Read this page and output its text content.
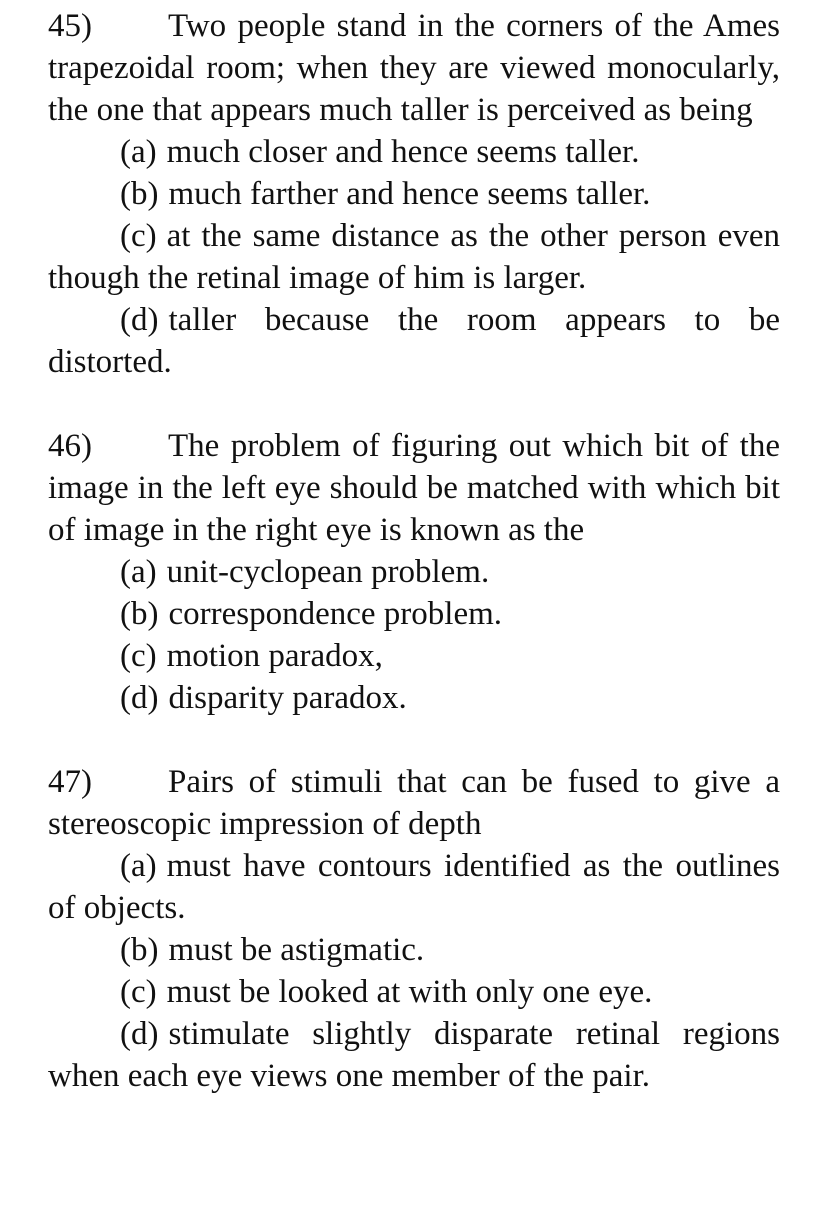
45) Two people stand in the corners of the Ames trapezoidal room; when they are viewed monocularly, the one that appears much taller is perceived as being

(a) much closer and hence seems taller.

(b) much farther and hence seems taller.

(c) at the same distance as the other person even though the retinal image of him is larger.

(d) taller because the room appears to be distorted.

46) The problem of figuring out which bit of the image in the left eye should be matched with which bit of image in the right eye is known as the

(a) unit-cyclopean problem.

(b) correspondence problem.

(c) motion paradox,

(d) disparity paradox.

47) Pairs of stimuli that can be fused to give a stereoscopic impression of depth

(a) must have contours identified as the outlines of objects.

(b) must be astigmatic.

(c) must be looked at with only one eye.

(d) stimulate slightly disparate retinal regions when each eye views one member of the pair.
